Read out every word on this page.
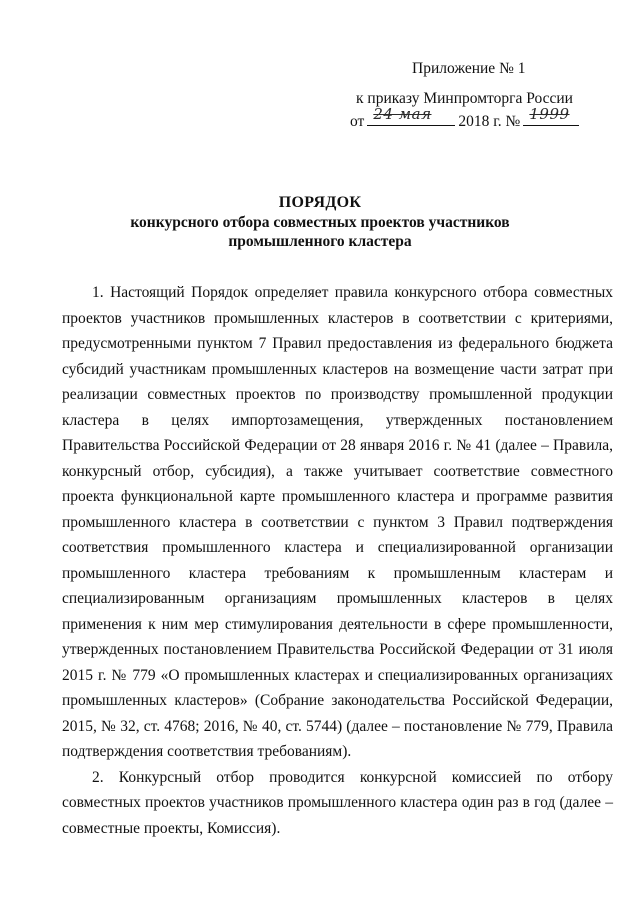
Приложение № 1
к приказу Минпромторга России
от 24 мая 2018 г. № 1999
ПОРЯДОК
конкурсного отбора совместных проектов участников промышленного кластера

1. Настоящий Порядок определяет правила конкурсного отбора совместных проектов участников промышленных кластеров в соответствии с критериями, предусмотренными пунктом 7 Правил предоставления из федерального бюджета субсидий участникам промышленных кластеров на возмещение части затрат при реализации совместных проектов по производству промышленной продукции кластера в целях импортозамещения, утвержденных постановлением Правительства Российской Федерации от 28 января 2016 г. № 41 (далее – Правила, конкурсный отбор, субсидия), а также учитывает соответствие совместного проекта функциональной карте промышленного кластера и программе развития промышленного кластера в соответствии с пунктом 3 Правил подтверждения соответствия промышленного кластера и специализированной организации промышленного кластера требованиям к промышленным кластерам и специализированным организациям промышленных кластеров в целях применения к ним мер стимулирования деятельности в сфере промышленности, утвержденных постановлением Правительства Российской Федерации от 31 июля 2015 г. № 779 «О промышленных кластерах и специализированных организациях промышленных кластеров» (Собрание законодательства Российской Федерации, 2015, № 32, ст. 4768; 2016, № 40, ст. 5744) (далее – постановление № 779, Правила подтверждения соответствия требованиям).

2. Конкурсный отбор проводится конкурсной комиссией по отбору совместных проектов участников промышленного кластера один раз в год (далее – совместные проекты, Комиссия).
